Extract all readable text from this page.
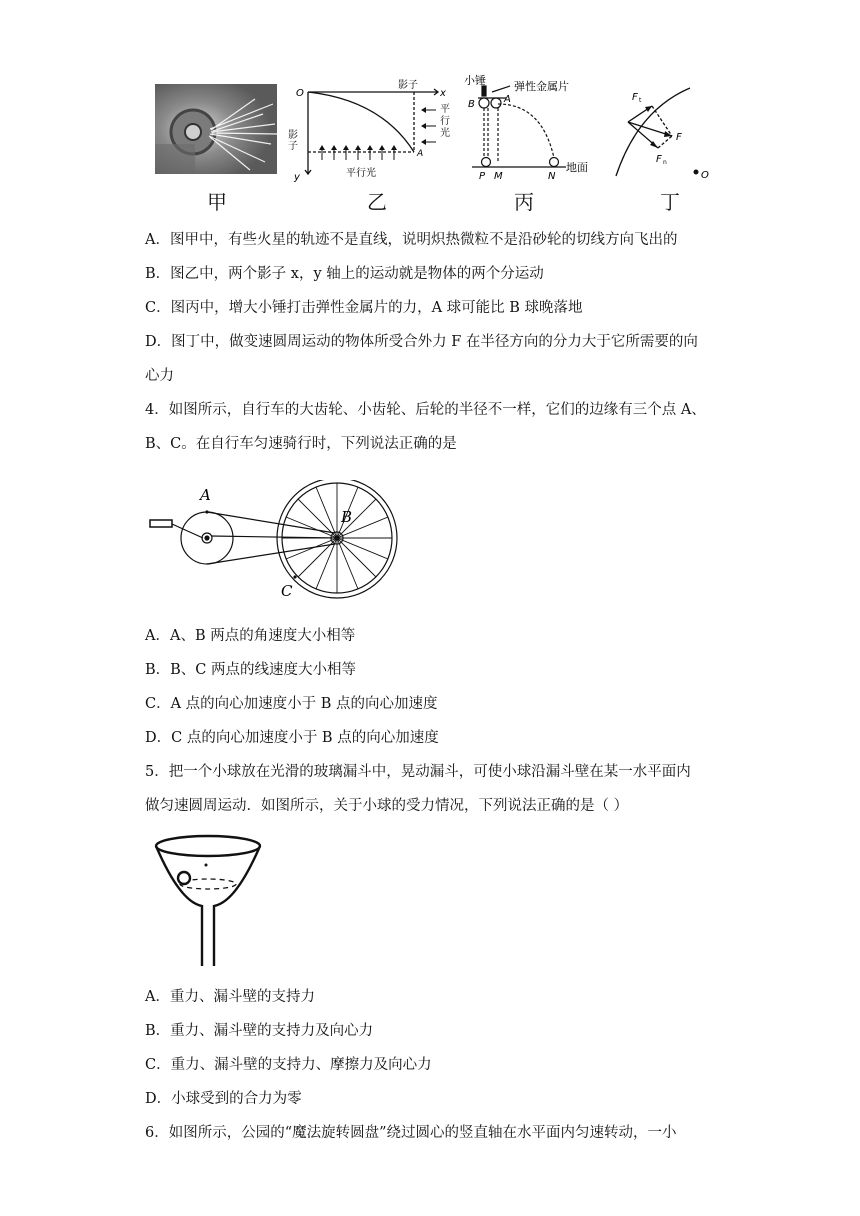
甲
O	x
y
影子
A
平行光
影子
平行光
乙
小锤	弹性金属片
B	A
P M	N
地面
丙
F t
F
F n
O
丁
A．图甲中，有些火星的轨迹不是直线，说明炽热微粒不是沿砂轮的切线方向飞出的
B．图乙中，两个影子 x，y 轴上的运动就是物体的两个分运动
C．图丙中，增大小锤打击弹性金属片的力，A 球可能比 B 球晚落地
D．图丁中，做变速圆周运动的物体所受合外力 F 在半径方向的分力大于它所需要的向
心力
4．如图所示，自行车的大齿轮、小齿轮、后轮的半径不一样，它们的边缘有三个点 A、
B、C。在自行车匀速骑行时，下列说法正确的是
A
B
C
A．A、B 两点的角速度大小相等
B．B、C 两点的线速度大小相等
C．A 点的向心加速度小于 B 点的向心加速度
D．C 点的向心加速度小于 B 点的向心加速度
5．把一个小球放在光滑的玻璃漏斗中，晃动漏斗，可使小球沿漏斗壁在某一水平面内
做匀速圆周运动．如图所示，关于小球的受力情况，下列说法正确的是（ ）
A．重力、漏斗壁的支持力
B．重力、漏斗壁的支持力及向心力
C．重力、漏斗壁的支持力、摩擦力及向心力
D．小球受到的合力为零
6．如图所示，公园的“魔法旋转圆盘”绕过圆心的竖直轴在水平面内匀速转动，一小
